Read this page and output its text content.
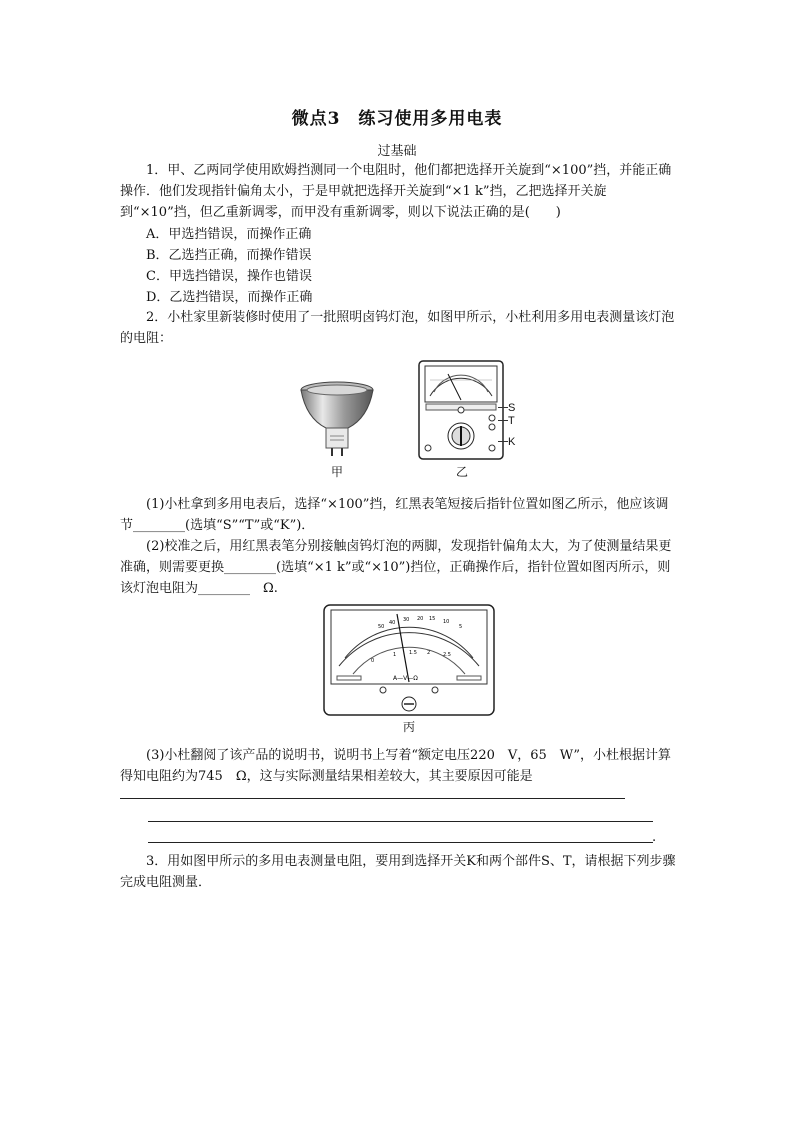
微点3　练习使用多用电表
过基础
1．甲、乙两同学使用欧姆挡测同一个电阻时，他们都把选择开关旋到“×100”挡，并能正确操作．他们发现指针偏角太小，于是甲就把选择开关旋到“×1 k”挡，乙把选择开关旋到“×10”挡，但乙重新调零，而甲没有重新调零，则以下说法正确的是(　　)
A．甲选挡错误，而操作正确
B．乙选挡正确，而操作错误
C．甲选挡错误，操作也错误
D．乙选挡错误，而操作正确
2．小杜家里新装修时使用了一批照明卤钨灯泡，如图甲所示，小杜利用多用电表测量该灯泡的电阻：
甲
S
T
K
乙
(1)小杜拿到多用电表后，选择“×100”挡，红黑表笔短接后指针位置如图乙所示，他应该调节________(选填“S”“T”或“K”)．
(2)校准之后，用红黑表笔分别接触卤钨灯泡的两脚，发现指针偏角太大，为了使测量结果更准确，则需要更换________(选填“×1 k”或“×10”)挡位，正确操作后，指针位置如图丙所示，则该灯泡电阻为________　Ω.
50
40 30 20 15 10
5
0
1	1.5 2	2.5
A—V—Ω
丙
(3)小杜翻阅了该产品的说明书，说明书上写着“额定电压220　V，65　W”，小杜根据计算得知电阻约为745　Ω，这与实际测量结果相差较大，其主要原因可能是
.
3．用如图甲所示的多用电表测量电阻，要用到选择开关K和两个部件S、T，请根据下列步骤完成电阻测量．
